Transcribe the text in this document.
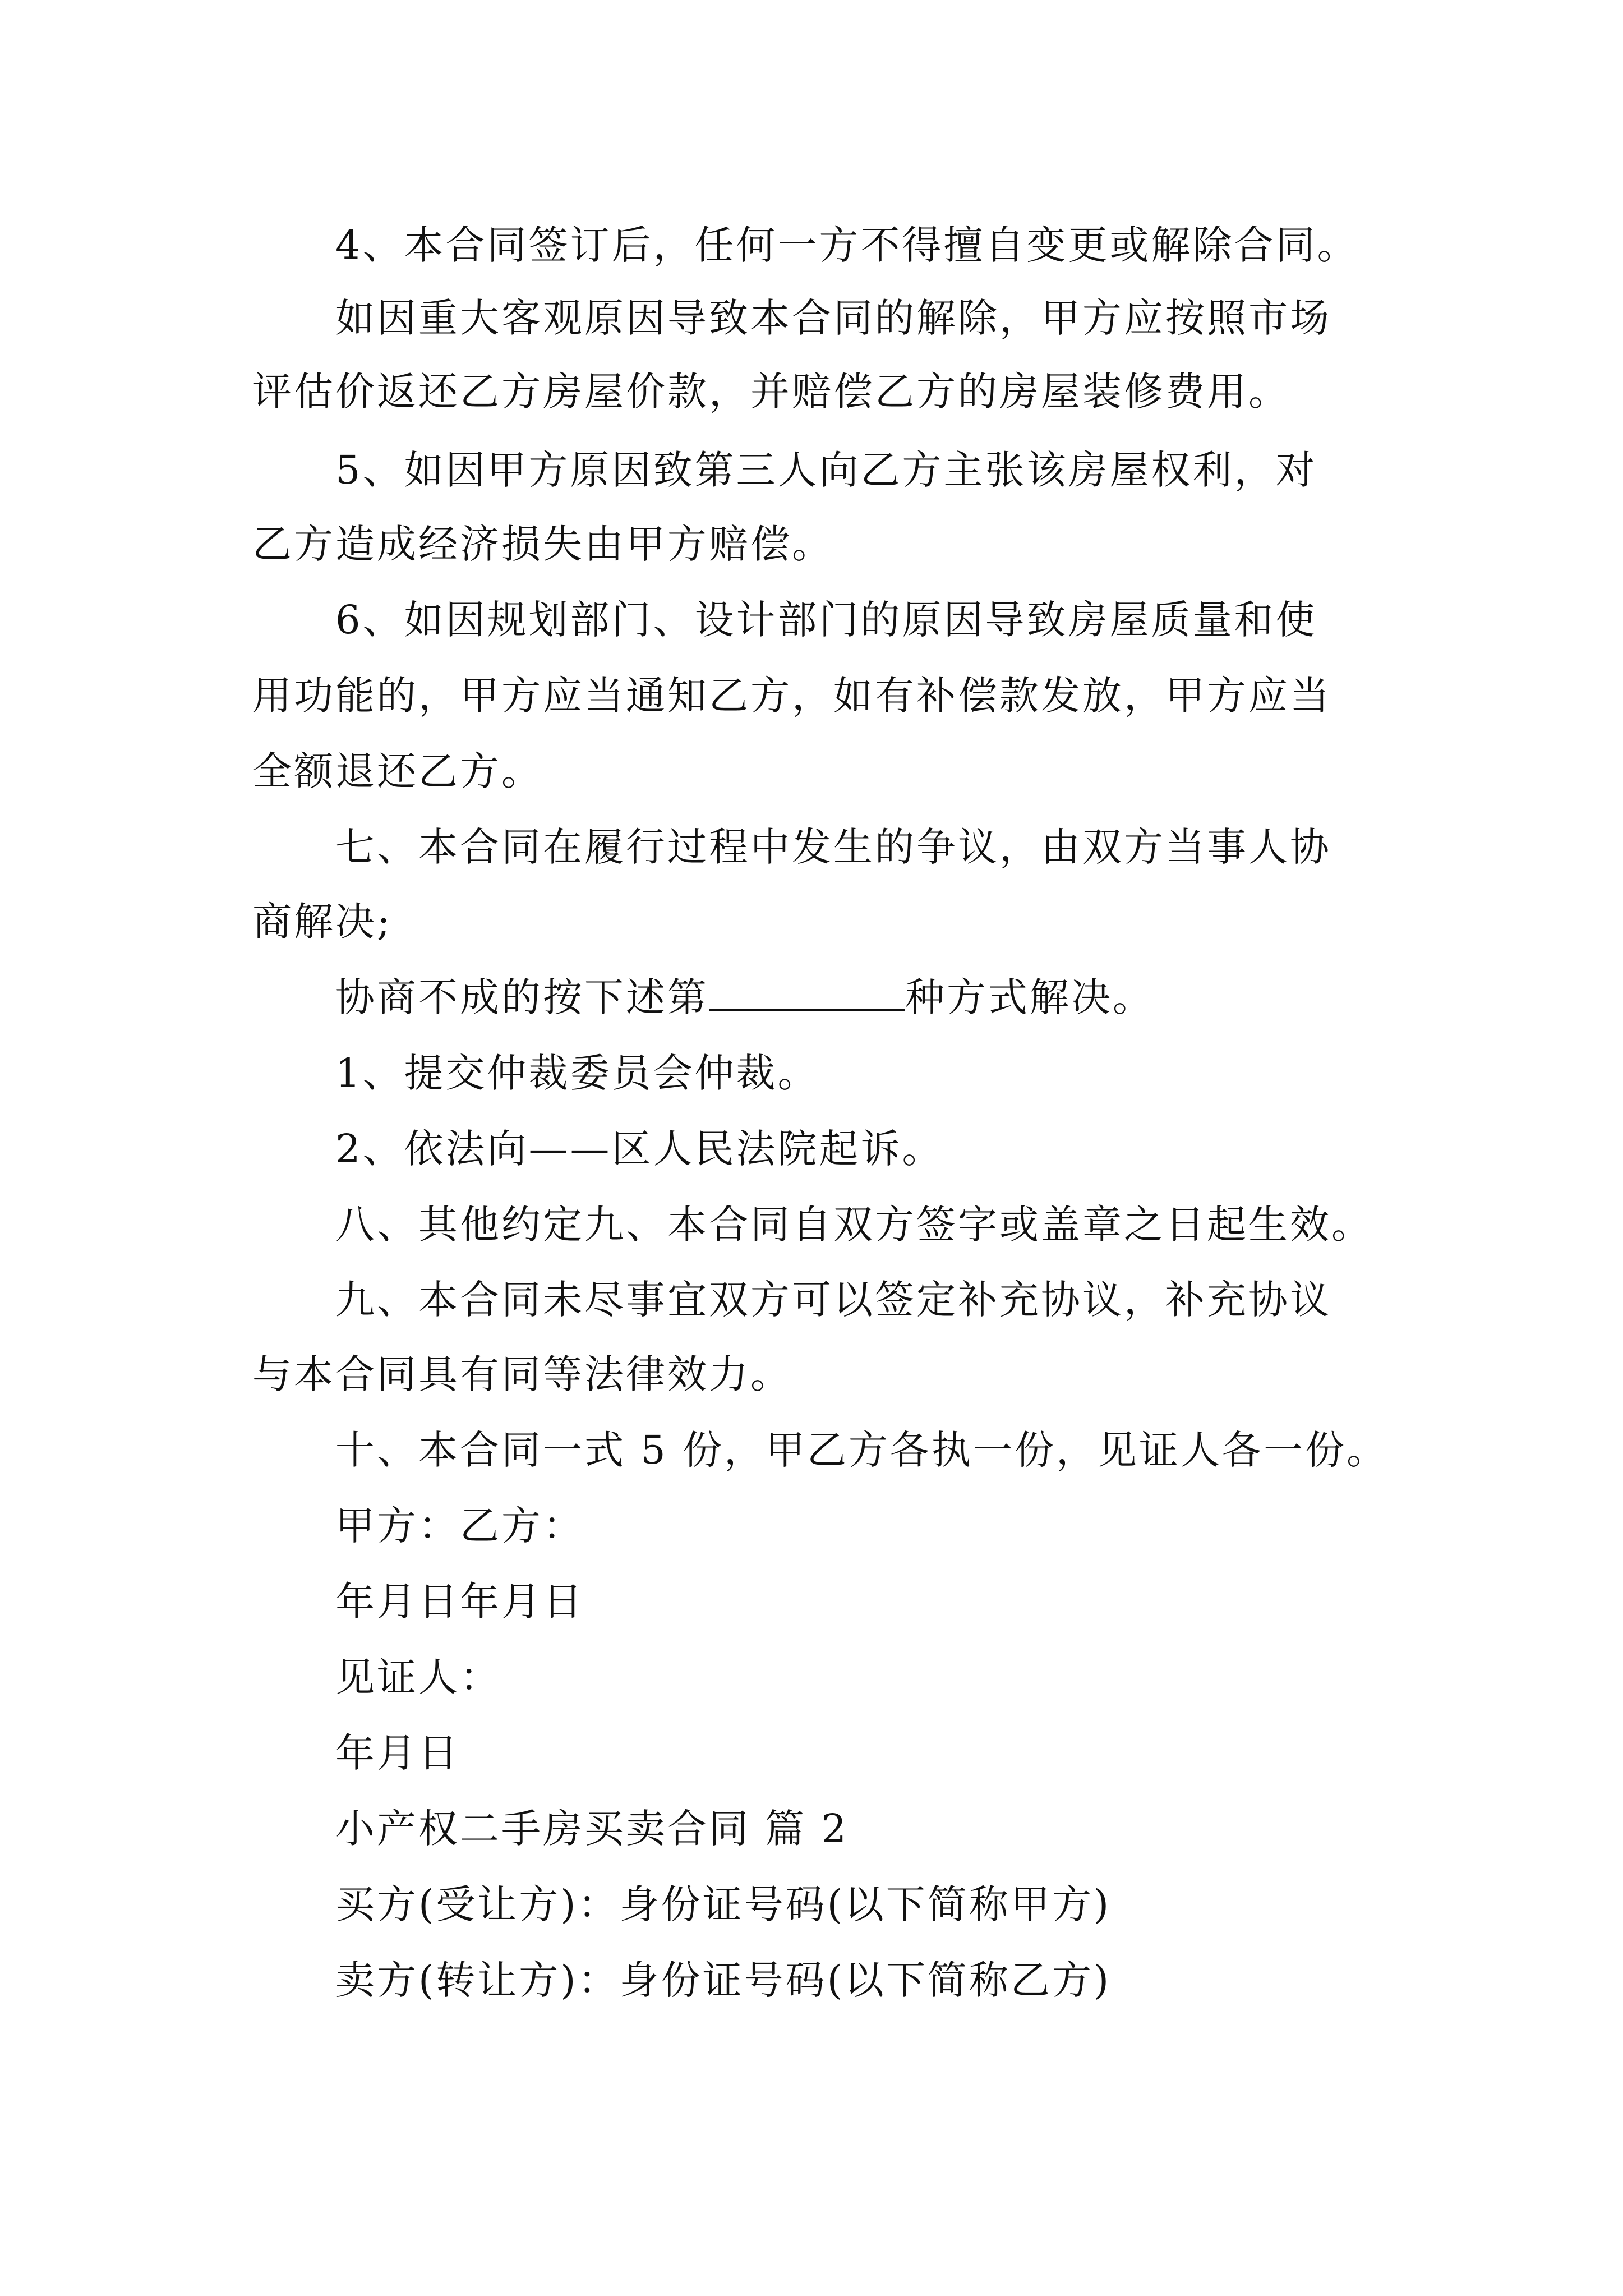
4、本合同签订后，任何一方不得擅自变更或解除合同。
如因重大客观原因导致本合同的解除，甲方应按照市场
评估价返还乙方房屋价款，并赔偿乙方的房屋装修费用。
5、如因甲方原因致第三人向乙方主张该房屋权利，对
乙方造成经济损失由甲方赔偿。
6、如因规划部门、设计部门的原因导致房屋质量和使
用功能的，甲方应当通知乙方，如有补偿款发放，甲方应当
全额退还乙方。
七、本合同在履行过程中发生的争议，由双方当事人协
商解决;
协商不成的按下述第	种方式解决。
1、提交仲裁委员会仲裁。
2、依法向——区人民法院起诉。
八、其他约定九、本合同自双方签字或盖章之日起生效。
九、本合同未尽事宜双方可以签定补充协议，补充协议
与本合同具有同等法律效力。
十、本合同一式 5 份，甲乙方各执一份，见证人各一份。
甲方：乙方：
年月日年月日
见证人：
年月日
小产权二手房买卖合同 篇 2
买方(受让方)：身份证号码(以下简称甲方)
卖方(转让方)：身份证号码(以下简称乙方)
